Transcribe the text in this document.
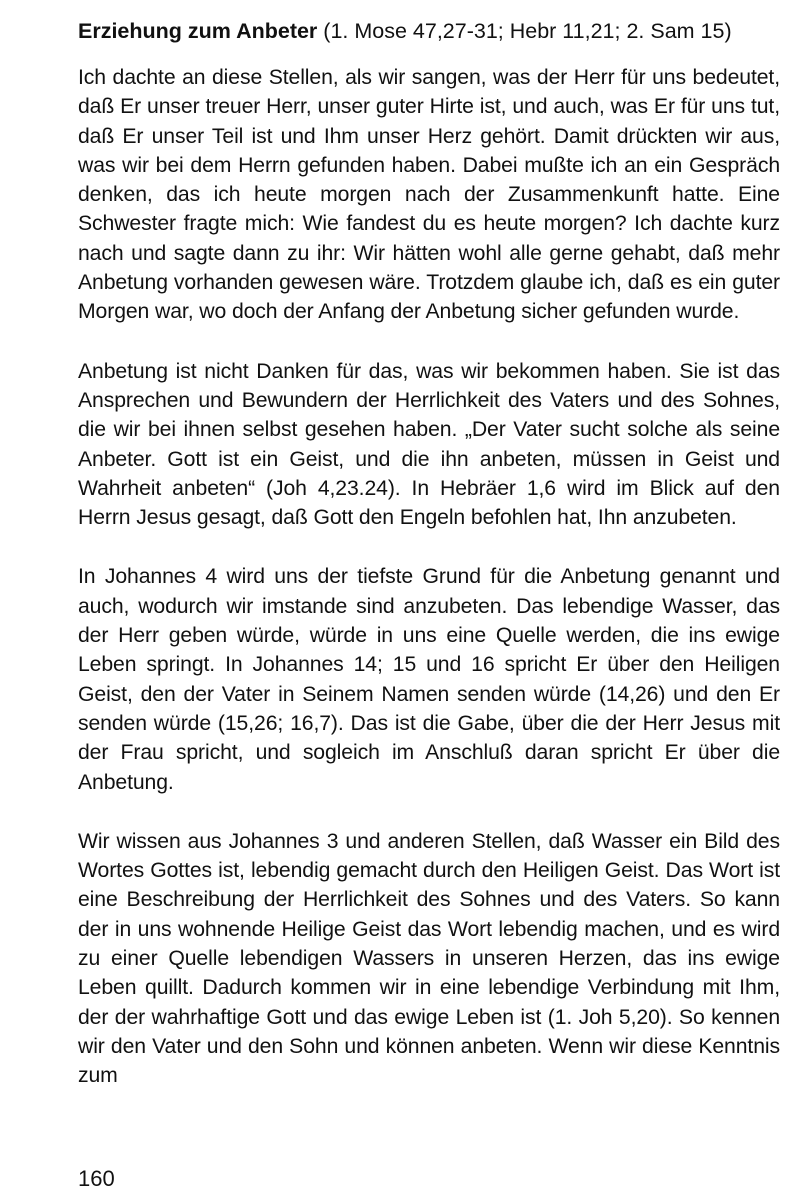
Erziehung zum Anbeter (1. Mose 47,27-31; Hebr 11,21; 2. Sam 15)

Ich dachte an diese Stellen, als wir sangen, was der Herr für uns bedeutet, daß Er unser treuer Herr, unser guter Hirte ist, und auch, was Er für uns tut, daß Er unser Teil ist und Ihm unser Herz gehört. Damit drückten wir aus, was wir bei dem Herrn gefunden haben. Dabei mußte ich an ein Gespräch denken, das ich heute morgen nach der Zusammenkunft hatte. Eine Schwester fragte mich: Wie fandest du es heute morgen? Ich dachte kurz nach und sagte dann zu ihr: Wir hätten wohl alle gerne gehabt, daß mehr Anbetung vorhanden gewesen wäre. Trotzdem glaube ich, daß es ein guter Morgen war, wo doch der Anfang der Anbetung sicher gefunden wurde.

Anbetung ist nicht Danken für das, was wir bekommen haben. Sie ist das Ansprechen und Bewundern der Herrlichkeit des Vaters und des Sohnes, die wir bei ihnen selbst gesehen haben. „Der Vater sucht solche als seine Anbeter. Gott ist ein Geist, und die ihn anbeten, müssen in Geist und Wahrheit anbeten“ (Joh 4,23.24). In Hebräer 1,6 wird im Blick auf den Herrn Jesus gesagt, daß Gott den Engeln befohlen hat, Ihn anzubeten.

In Johannes 4 wird uns der tiefste Grund für die Anbetung genannt und auch, wodurch wir imstande sind anzubeten. Das lebendige Wasser, das der Herr geben würde, würde in uns eine Quelle werden, die ins ewige Leben springt. In Johannes 14; 15 und 16 spricht Er über den Heiligen Geist, den der Vater in Seinem Namen senden würde (14,26) und den Er senden würde (15,26; 16,7). Das ist die Gabe, über die der Herr Jesus mit der Frau spricht, und sogleich im Anschluß daran spricht Er über die Anbetung.

Wir wissen aus Johannes 3 und anderen Stellen, daß Wasser ein Bild des Wortes Gottes ist, lebendig gemacht durch den Heiligen Geist. Das Wort ist eine Beschreibung der Herrlichkeit des Sohnes und des Vaters. So kann der in uns wohnende Heilige Geist das Wort lebendig machen, und es wird zu einer Quelle lebendigen Wassers in unseren Herzen, das ins ewige Leben quillt. Dadurch kommen wir in eine lebendige Verbindung mit Ihm, der der wahrhaftige Gott und das ewige Leben ist (1. Joh 5,20). So kennen wir den Vater und den Sohn und können anbeten. Wenn wir diese Kenntnis zum

160
